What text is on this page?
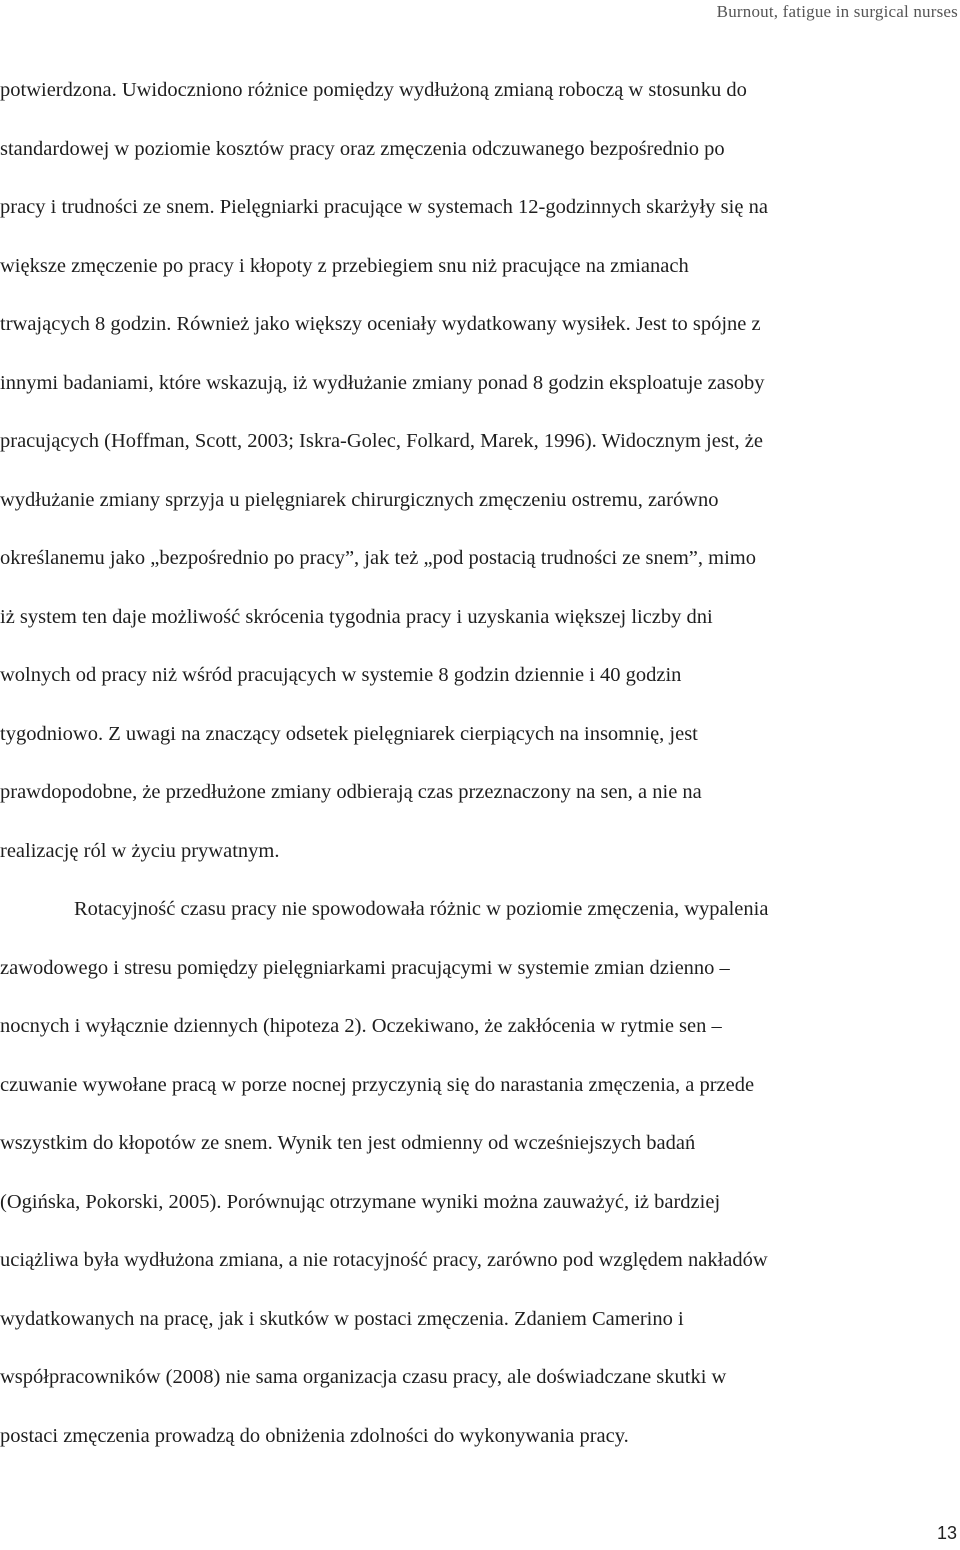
Burnout, fatigue in surgical nurses
potwierdzona. Uwidoczniono różnice pomiędzy wydłużoną zmianą roboczą w stosunku do
standardowej w poziomie kosztów pracy oraz zmęczenia odczuwanego bezpośrednio po
pracy i trudności ze snem. Pielęgniarki pracujące w systemach 12-godzinnych skarżyły się na
większe zmęczenie po pracy i kłopoty z przebiegiem snu niż pracujące na zmianach
trwających 8 godzin. Również jako większy oceniały wydatkowany wysiłek. Jest to spójne z
innymi badaniami, które wskazują, iż wydłużanie zmiany ponad 8 godzin eksploatuje zasoby
pracujących (Hoffman, Scott, 2003; Iskra-Golec, Folkard, Marek, 1996). Widocznym jest, że
wydłużanie zmiany sprzyja u pielęgniarek chirurgicznych zmęczeniu ostremu, zarówno
określanemu jako „bezpośrednio po pracy”, jak też „pod postacią trudności ze snem”, mimo
iż system ten daje możliwość skrócenia tygodnia pracy i uzyskania większej liczby dni
wolnych od pracy niż wśród pracujących w systemie 8 godzin dziennie i 40 godzin
tygodniowo. Z uwagi na znaczący odsetek pielęgniarek cierpiących na insomnię, jest
prawdopodobne, że przedłużone zmiany odbierają czas przeznaczony na sen, a nie na
realizację ról w życiu prywatnym.
Rotacyjność czasu pracy nie spowodowała różnic w poziomie zmęczenia, wypalenia
zawodowego i stresu pomiędzy pielęgniarkami pracującymi w systemie zmian dzienno –
nocnych i wyłącznie dziennych (hipoteza 2). Oczekiwano, że zakłócenia w rytmie sen –
czuwanie wywołane pracą w porze nocnej przyczynią się do narastania zmęczenia, a przede
wszystkim do kłopotów ze snem. Wynik ten jest odmienny od wcześniejszych badań
(Ogińska, Pokorski, 2005). Porównując otrzymane wyniki można zauważyć, iż bardziej
uciążliwa była wydłużona zmiana, a nie rotacyjność pracy, zarówno pod względem nakładów
wydatkowanych na pracę, jak i skutków w postaci zmęczenia. Zdaniem Camerino i
współpracowników (2008) nie sama organizacja czasu pracy, ale doświadczane skutki w
postaci zmęczenia prowadzą do obniżenia zdolności do wykonywania pracy.
13
